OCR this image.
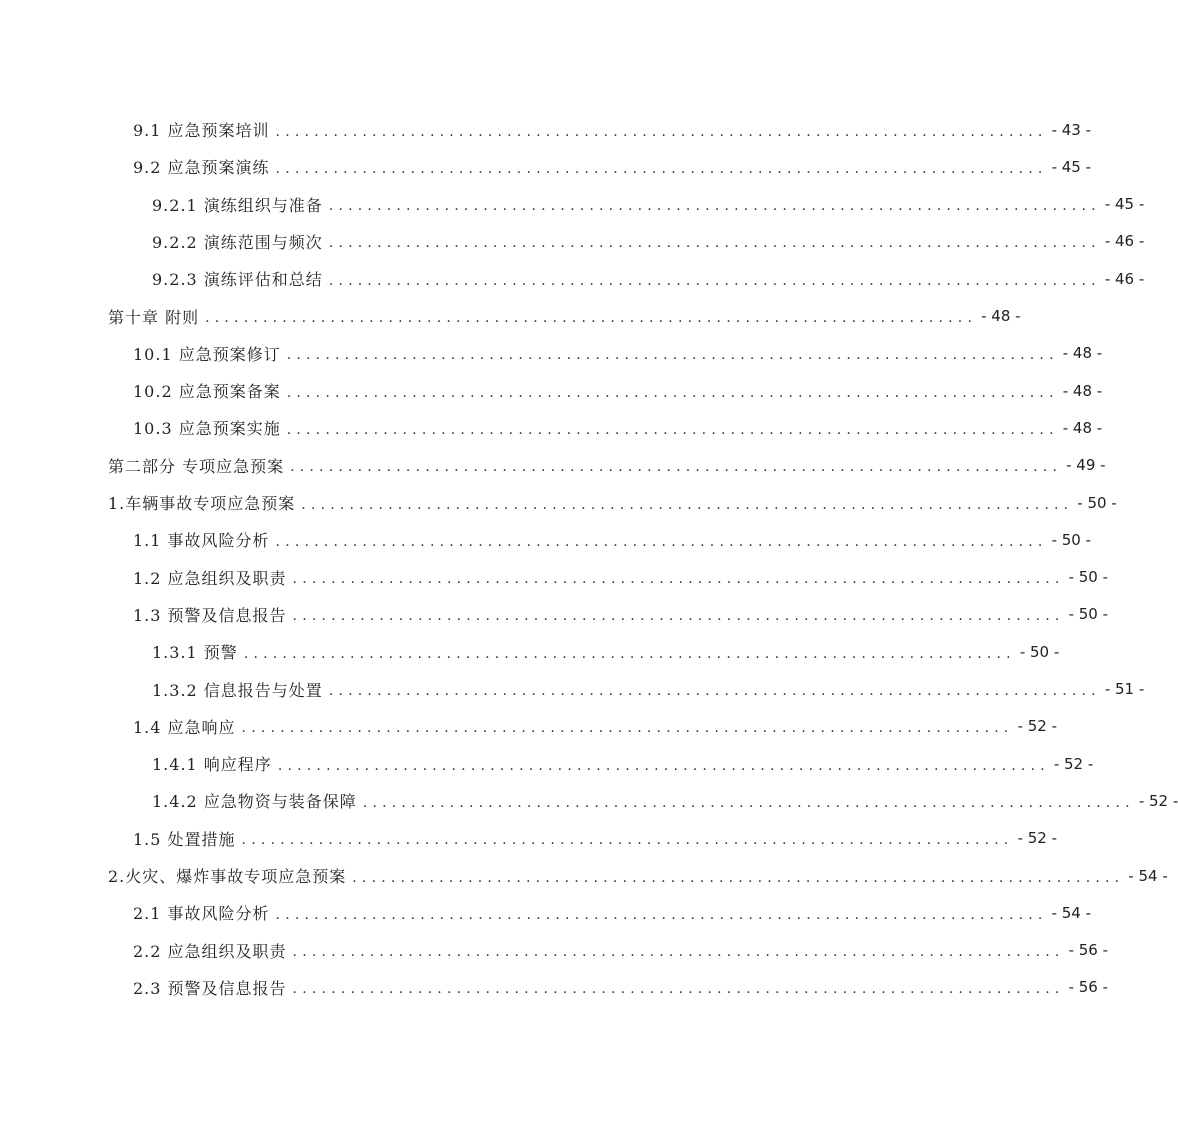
9.1 应急预案培训 ................................................................................ - 43 -
9.2 应急预案演练 ................................................................................ - 45 -
9.2.1 演练组织与准备 ................................................................................ - 45 -
9.2.2 演练范围与频次 ................................................................................ - 46 -
9.2.3 演练评估和总结 ................................................................................ - 46 -
第十章 附则 ................................................................................ - 48 -
10.1 应急预案修订 ................................................................................ - 48 -
10.2 应急预案备案 ................................................................................ - 48 -
10.3 应急预案实施 ................................................................................ - 48 -
第二部分 专项应急预案 ................................................................................ - 49 -
1.车辆事故专项应急预案 ................................................................................ - 50 -
1.1 事故风险分析 ................................................................................ - 50 -
1.2 应急组织及职责 ................................................................................ - 50 -
1.3 预警及信息报告 ................................................................................ - 50 -
1.3.1 预警 ................................................................................ - 50 -
1.3.2 信息报告与处置 ................................................................................ - 51 -
1.4 应急响应 ................................................................................ - 52 -
1.4.1 响应程序 ................................................................................ - 52 -
1.4.2 应急物资与装备保障 ................................................................................ - 52 -
1.5 处置措施 ................................................................................ - 52 -
2.火灾、爆炸事故专项应急预案 ................................................................................ - 54 -
2.1 事故风险分析 ................................................................................ - 54 -
2.2 应急组织及职责 ................................................................................ - 56 -
2.3 预警及信息报告 ................................................................................ - 56 -
